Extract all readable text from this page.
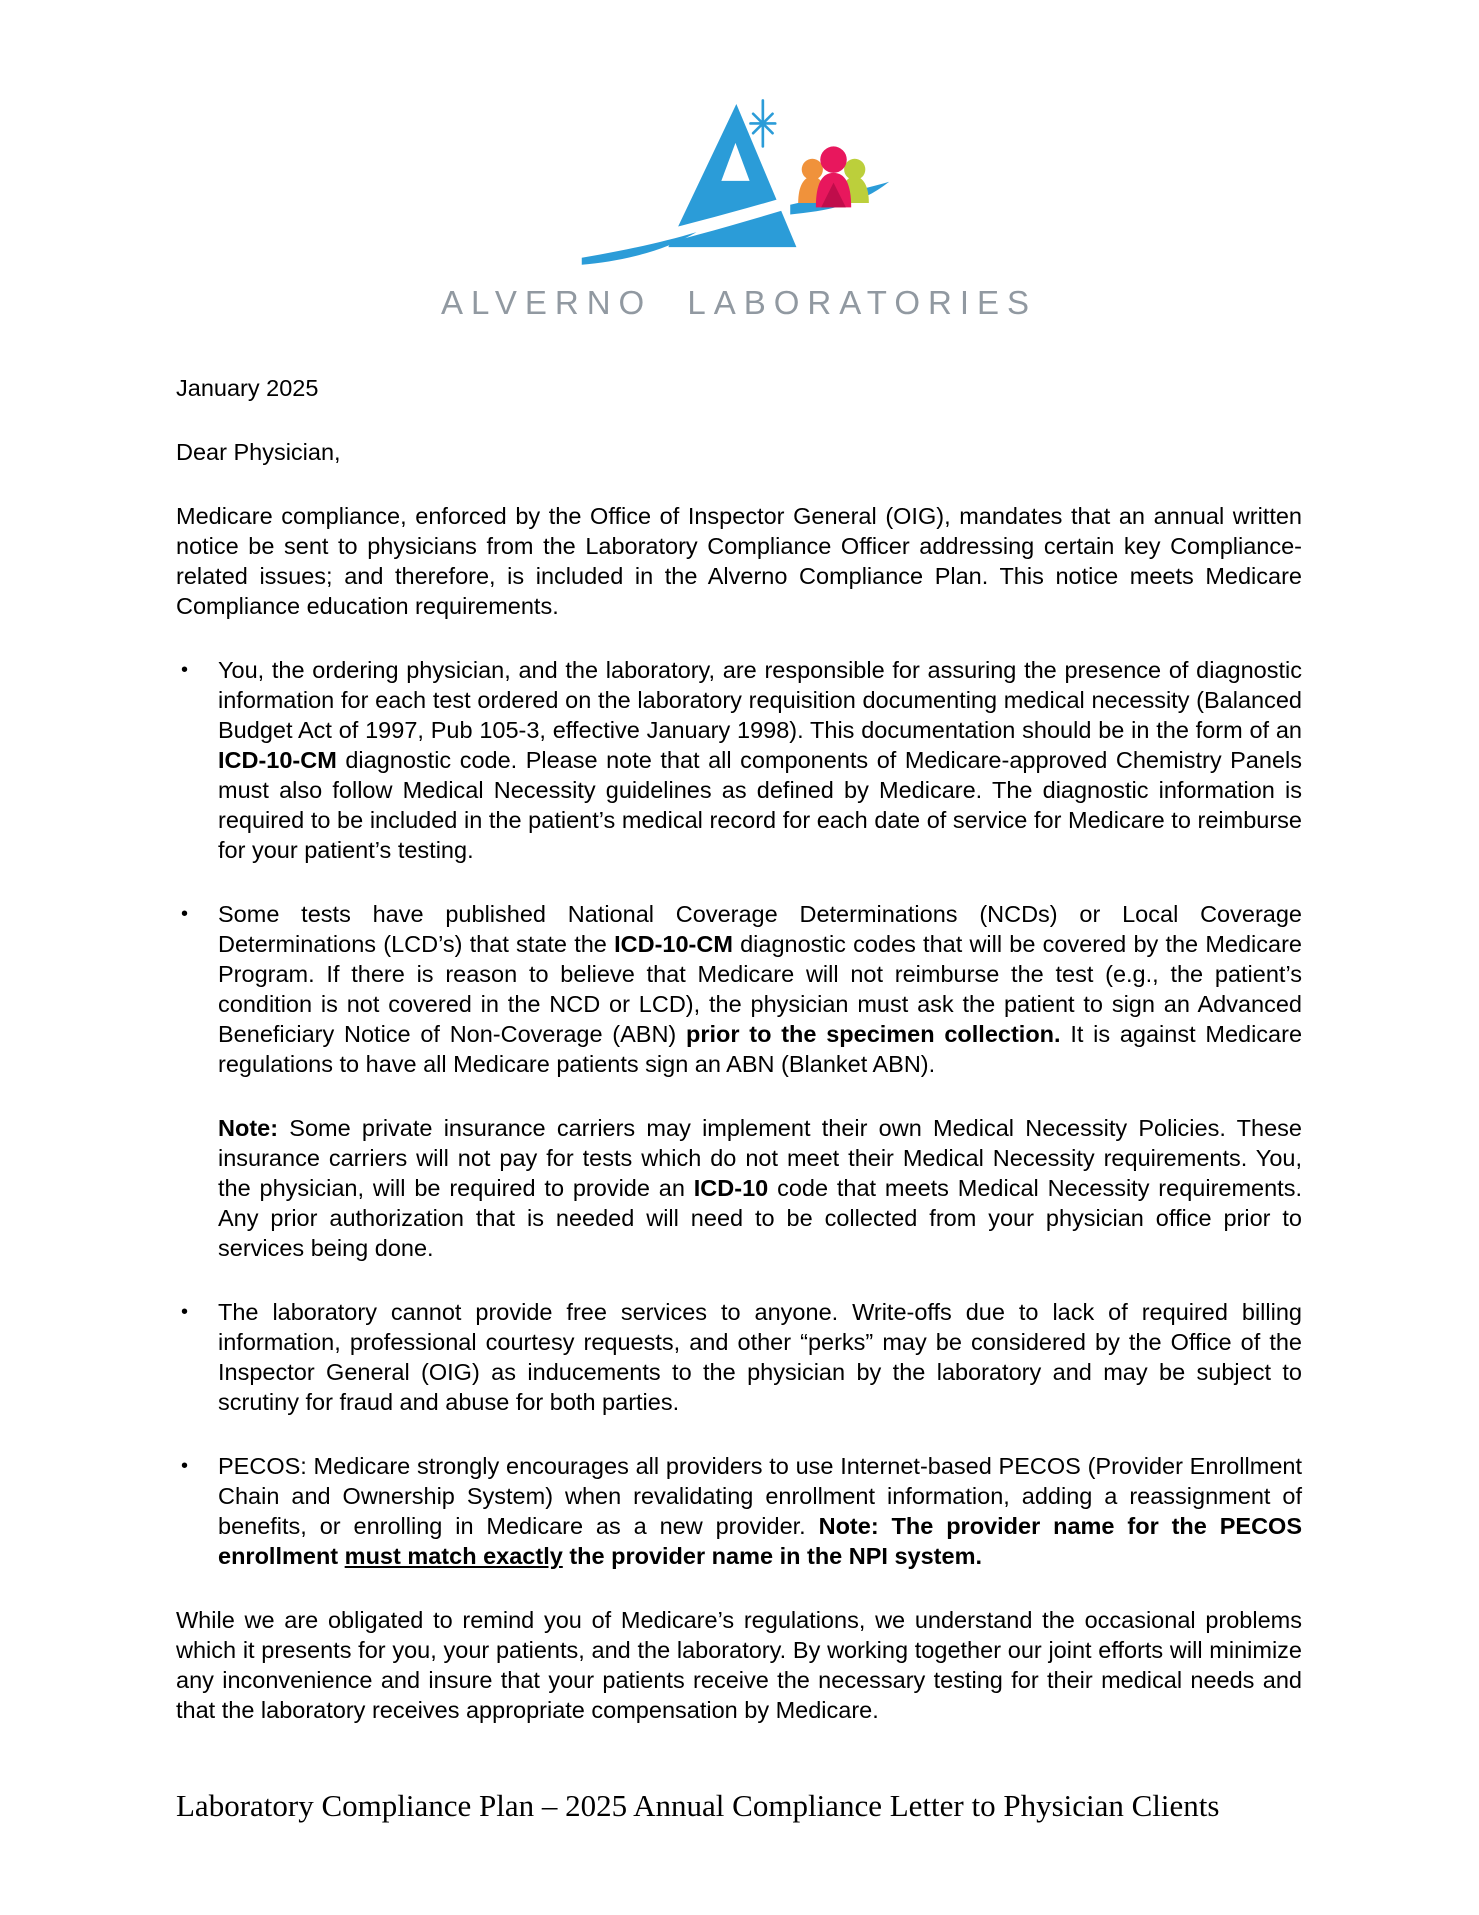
ALVERNO LABORATORIES

January 2025

Dear Physician,

Medicare compliance, enforced by the Office of Inspector General (OIG), mandates that an annual written notice be sent to physicians from the Laboratory Compliance Officer addressing certain key Compliance-related issues; and therefore, is included in the Alverno Compliance Plan. This notice meets Medicare Compliance education requirements.

•	You, the ordering physician, and the laboratory, are responsible for assuring the presence of diagnostic information for each test ordered on the laboratory requisition documenting medical necessity (Balanced Budget Act of 1997, Pub 105-3, effective January 1998). This documentation should be in the form of an ICD-10-CM diagnostic code. Please note that all components of Medicare-approved Chemistry Panels must also follow Medical Necessity guidelines as defined by Medicare. The diagnostic information is required to be included in the patient’s medical record for each date of service for Medicare to reimburse for your patient’s testing.
•	Some tests have published National Coverage Determinations (NCDs) or Local Coverage Determinations (LCD’s) that state the ICD-10-CM diagnostic codes that will be covered by the Medicare Program. If there is reason to believe that Medicare will not reimburse the test (e.g., the patient’s condition is not covered in the NCD or LCD), the physician must ask the patient to sign an Advanced Beneficiary Notice of Non-Coverage (ABN) prior to the specimen collection. It is against Medicare regulations to have all Medicare patients sign an ABN (Blanket ABN).
Note: Some private insurance carriers may implement their own Medical Necessity Policies. These insurance carriers will not pay for tests which do not meet their Medical Necessity requirements. You, the physician, will be required to provide an ICD-10 code that meets Medical Necessity requirements. Any prior authorization that is needed will need to be collected from your physician office prior to services being done.
•	The laboratory cannot provide free services to anyone. Write-offs due to lack of required billing information, professional courtesy requests, and other “perks” may be considered by the Office of the Inspector General (OIG) as inducements to the physician by the laboratory and may be subject to scrutiny for fraud and abuse for both parties.
•	PECOS: Medicare strongly encourages all providers to use Internet-based PECOS (Provider Enrollment Chain and Ownership System) when revalidating enrollment information, adding a reassignment of benefits, or enrolling in Medicare as a new provider. Note: The provider name for the PECOS enrollment must match exactly the provider name in the NPI system.

While we are obligated to remind you of Medicare’s regulations, we understand the occasional problems which it presents for you, your patients, and the laboratory. By working together our joint efforts will minimize any inconvenience and insure that your patients receive the necessary testing for their medical needs and that the laboratory receives appropriate compensation by Medicare.

Laboratory Compliance Plan – 2025 Annual Compliance Letter to Physician Clients
